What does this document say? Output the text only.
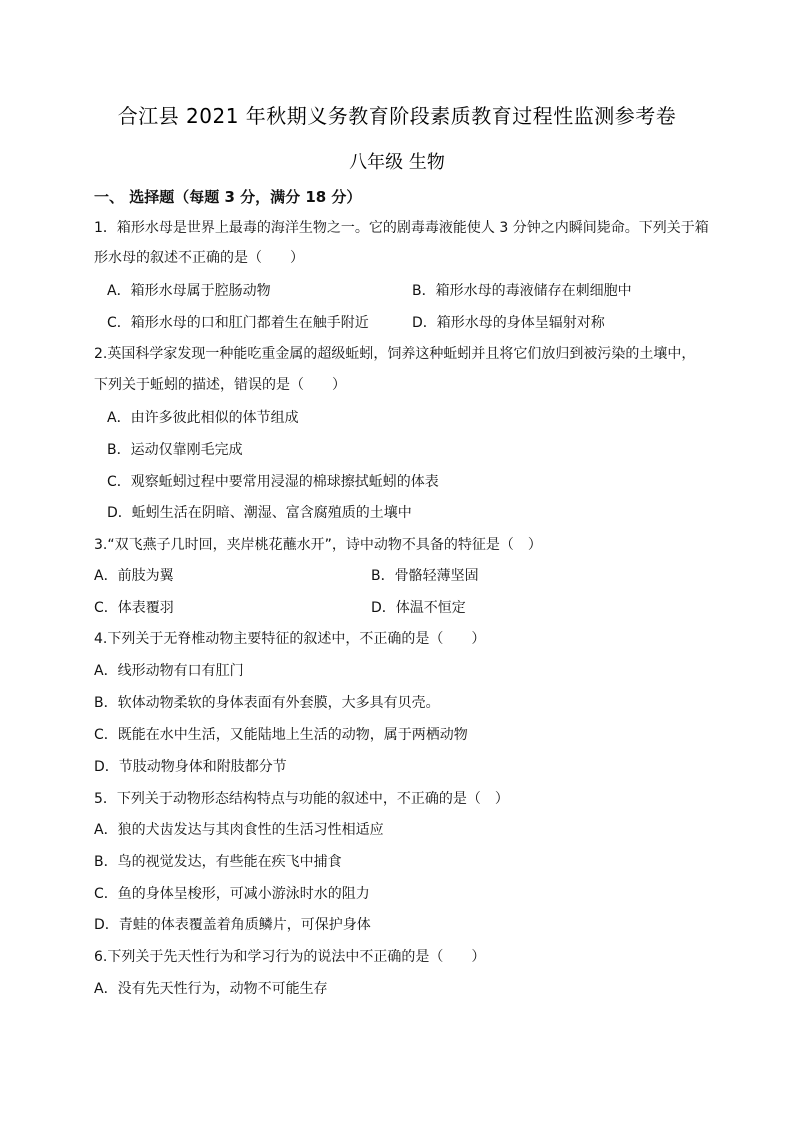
合江县 2021 年秋期义务教育阶段素质教育过程性监测参考卷
八年级 生物
一、 选择题（每题 3 分，满分 18 分）
1．箱形水母是世界上最毒的海洋生物之一。它的剧毒毒液能使人 3 分钟之内瞬间毙命。下列关于箱
形水母的叙述不正确的是（　　）
A．箱形水母属于腔肠动物	B．箱形水母的毒液储存在刺细胞中
C．箱形水母的口和肛门都着生在触手附近	D．箱形水母的身体呈辐射对称
2.英国科学家发现一种能吃重金属的超级蚯蚓，饲养这种蚯蚓并且将它们放归到被污染的土壤中，
下列关于蚯蚓的描述，错误的是（　　）
A．由许多彼此相似的体节组成
B．运动仅靠刚毛完成
C．观察蚯蚓过程中要常用浸湿的棉球擦拭蚯蚓的体表
D．蚯蚓生活在阴暗、潮湿、富含腐殖质的土壤中
3.“双飞燕子几时回，夹岸桃花蘸水开”，诗中动物不具备的特征是（　）
A．前肢为翼	B．骨骼轻薄坚固
C．体表覆羽	D．体温不恒定
4.下列关于无脊椎动物主要特征的叙述中，不正确的是（　　）
A．线形动物有口有肛门
B．软体动物柔软的身体表面有外套膜，大多具有贝壳。
C．既能在水中生活，又能陆地上生活的动物，属于两栖动物
D．节肢动物身体和附肢都分节
5．下列关于动物形态结构特点与功能的叙述中，不正确的是（　）
A．狼的犬齿发达与其肉食性的生活习性相适应
B．鸟的视觉发达，有些能在疾飞中捕食
C．鱼的身体呈梭形，可减小游泳时水的阻力
D．青蛙的体表覆盖着角质鳞片，可保护身体
6.下列关于先天性行为和学习行为的说法中不正确的是（　　）
A．没有先天性行为，动物不可能生存
